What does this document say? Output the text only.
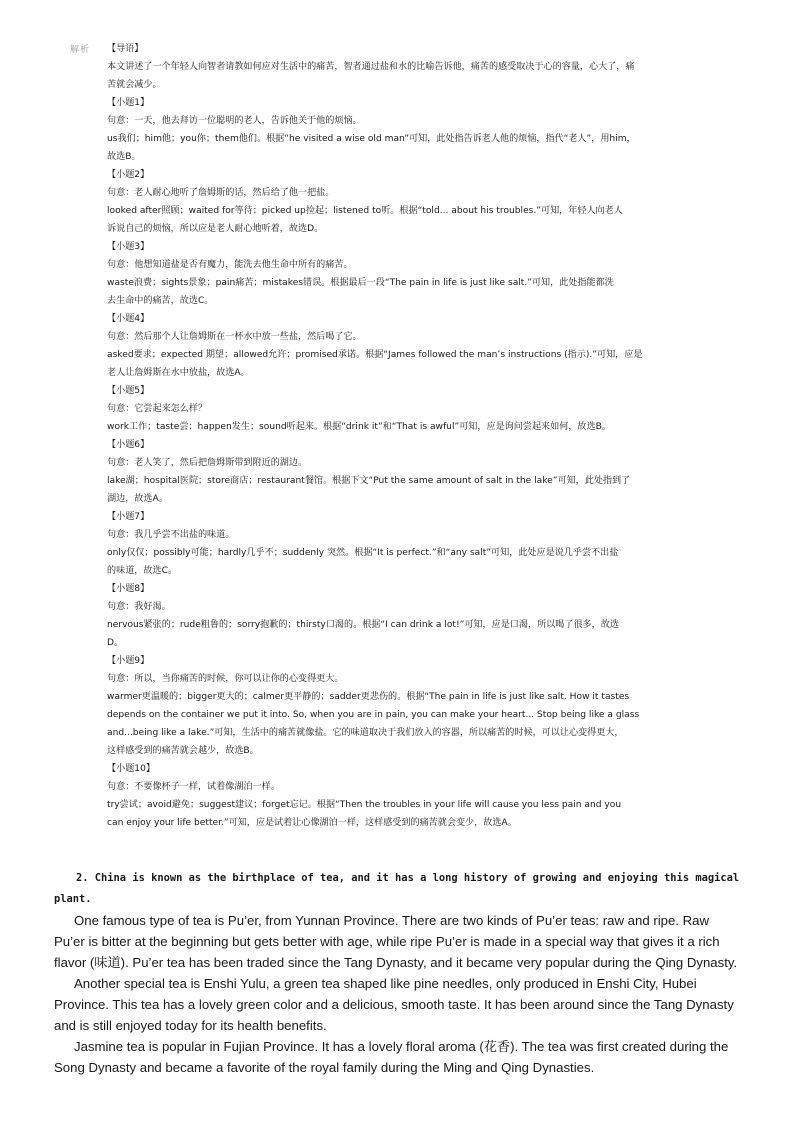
解析 【导语】

本文讲述了一个年轻人向智者请教如何应对生活中的痛苦，智者通过盐和水的比喻告诉他，痛苦的感受取决于心的容量，心大了，痛

苦就会减少。

【小题1】

句意：一天，他去拜访一位聪明的老人，告诉他关于他的烦恼。

us我们；him他；you你；them他们。根据“he visited a wise old man”可知，此处指告诉老人他的烦恼，指代“老人”，用him，

故选B。

【小题2】

句意：老人耐心地听了詹姆斯的话，然后给了他一把盐。

looked after照顾；waited for等待；picked up捡起；listened to听。根据“told... about his troubles.”可知，年轻人向老人

诉说自己的烦恼，所以应是老人耐心地听着，故选D。

【小题3】

句意：他想知道盐是否有魔力，能洗去他生命中所有的痛苦。

waste浪费；sights景象；pain痛苦；mistakes错误。根据最后一段“The pain in life is just like salt.”可知，此处指能都洗

去生命中的痛苦，故选C。

【小题4】

句意：然后那个人让詹姆斯在一杯水中放一些盐，然后喝了它。

asked要求；expected 期望；allowed允许；promised承诺。根据“James followed the man’s instructions (指示).”可知，应是

老人让詹姆斯在水中放盐，故选A。

【小题5】

句意：它尝起来怎么样？

work工作；taste尝；happen发生；sound听起来。根据“drink it”和“That is awful”可知，应是询问尝起来如何，故选B。

【小题6】

句意：老人笑了，然后把詹姆斯带到附近的湖边。

lake湖；hospital医院；store商店；restaurant餐馆。根据下文“Put the same amount of salt in the lake”可知，此处指到了

湖边，故选A。

【小题7】

句意：我几乎尝不出盐的味道。

only仅仅；possibly可能；hardly几乎不；suddenly 突然。根据“It is perfect.”和“any salt”可知，此处应是说几乎尝不出盐

的味道，故选C。

【小题8】

句意：我好渴。

nervous紧张的；rude粗鲁的；sorry抱歉的；thirsty口渴的。根据“I can drink a lot!”可知，应是口渴，所以喝了很多，故选

D。

【小题9】

句意：所以，当你痛苦的时候，你可以让你的心变得更大。

warmer更温暖的；bigger更大的；calmer更平静的；sadder更悲伤的。根据“The pain in life is just like salt. How it tastes

depends on the container we put it into. So, when you are in pain, you can make your heart... Stop being like a glass

and...being like a lake.”可知，生活中的痛苦就像盐。它的味道取决于我们放入的容器，所以痛苦的时候，可以让心变得更大，

这样感受到的痛苦就会越少，故选B。

【小题10】

句意：不要像杯子一样，试着像湖泊一样。

try尝试；avoid避免；suggest建议；forget忘记。根据“Then the troubles in your life will cause you less pain and you

can enjoy your life better.”可知，应是试着让心像湖泊一样，这样感受到的痛苦就会变少，故选A。

2. China is known as the birthplace of tea, and it has a long history of growing and enjoying this magical

plant.

One famous type of tea is Pu’er, from Yunnan Province. There are two kinds of Pu’er teas: raw and ripe. Raw Pu’er is bitter at the beginning but gets better with age, while ripe Pu’er is made in a special way that gives it a rich flavor (味道). Pu’er tea has been traded since the Tang Dynasty, and it became very popular during the Qing Dynasty.

Another special tea is Enshi Yulu, a green tea shaped like pine needles, only produced in Enshi City, Hubei Province. This tea has a lovely green color and a delicious, smooth taste. It has been around since the Tang Dynasty and is still enjoyed today for its health benefits.

Jasmine tea is popular in Fujian Province. It has a lovely floral aroma (花香). The tea was first created during the Song Dynasty and became a favorite of the royal family during the Ming and Qing Dynasties.
